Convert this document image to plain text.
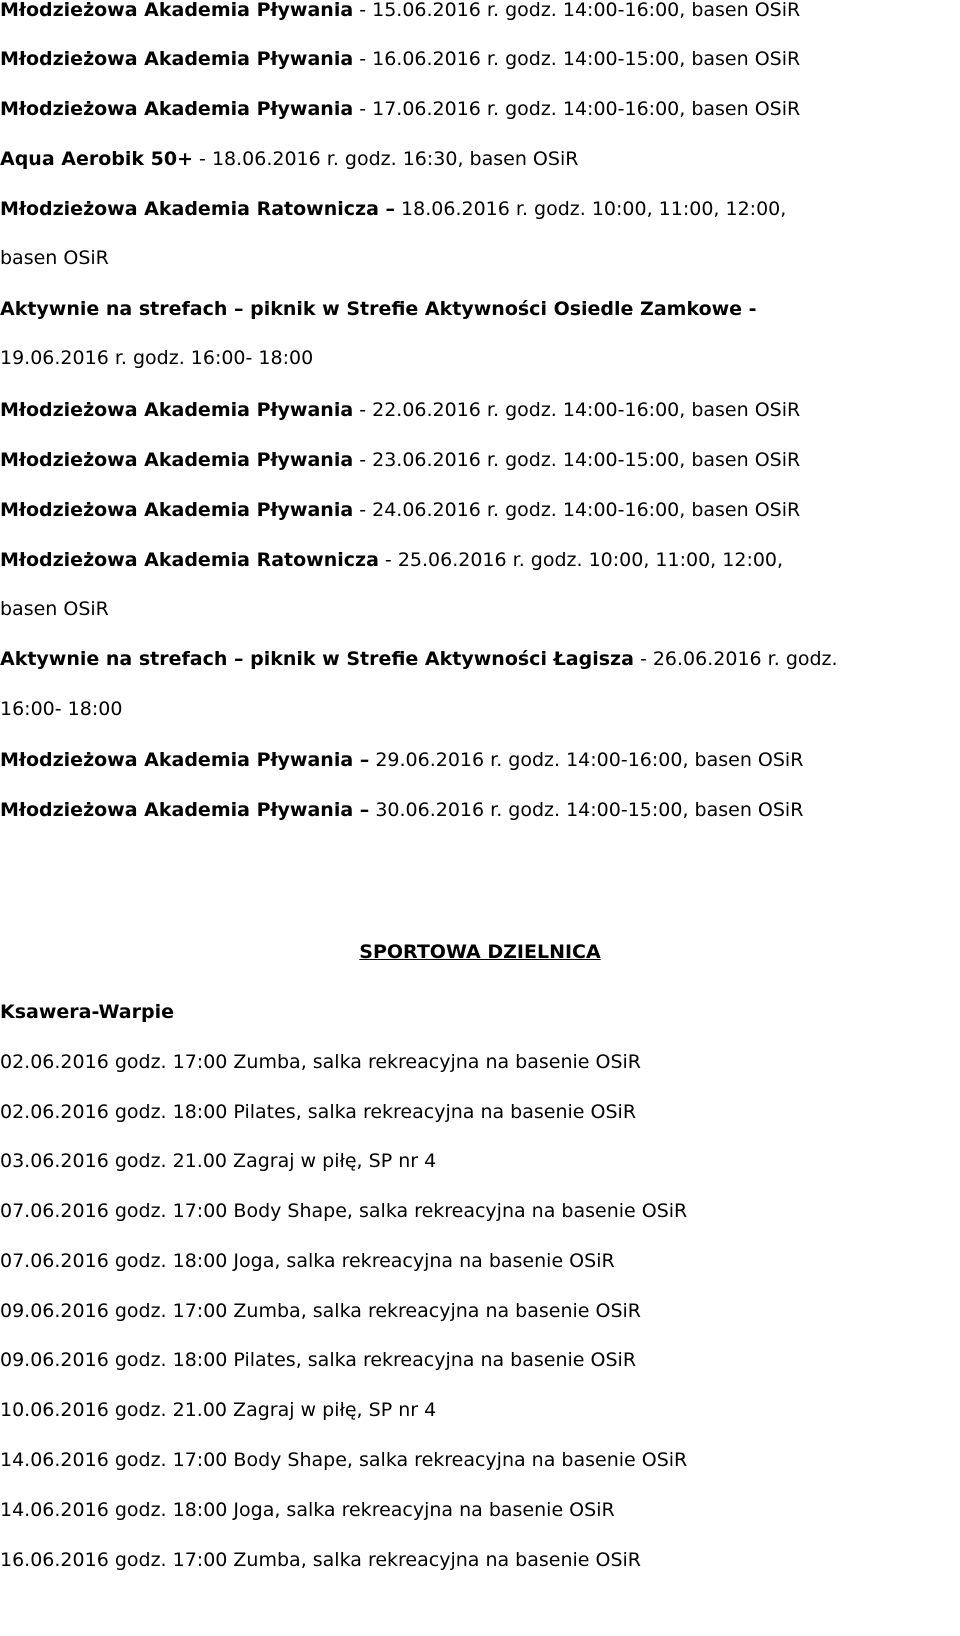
Młodzieżowa Akademia Pływania - 15.06.2016 r. godz. 14:00-16:00, basen OSiR
Młodzieżowa Akademia Pływania - 16.06.2016 r. godz. 14:00-15:00, basen OSiR
Młodzieżowa Akademia Pływania - 17.06.2016 r. godz. 14:00-16:00, basen OSiR
Aqua Aerobik 50+ - 18.06.2016 r. godz. 16:30, basen OSiR
Młodzieżowa Akademia Ratownicza – 18.06.2016 r. godz. 10:00, 11:00, 12:00,
basen OSiR
Aktywnie na strefach – piknik w Strefie Aktywności Osiedle Zamkowe -
19.06.2016 r. godz. 16:00- 18:00
Młodzieżowa Akademia Pływania - 22.06.2016 r. godz. 14:00-16:00, basen OSiR
Młodzieżowa Akademia Pływania - 23.06.2016 r. godz. 14:00-15:00, basen OSiR
Młodzieżowa Akademia Pływania - 24.06.2016 r. godz. 14:00-16:00, basen OSiR
Młodzieżowa Akademia Ratownicza - 25.06.2016 r. godz. 10:00, 11:00, 12:00,
basen OSiR
Aktywnie na strefach – piknik w Strefie Aktywności Łagisza - 26.06.2016 r. godz.
16:00- 18:00
Młodzieżowa Akademia Pływania – 29.06.2016 r. godz. 14:00-16:00, basen OSiR
Młodzieżowa Akademia Pływania – 30.06.2016 r. godz. 14:00-15:00, basen OSiR
SPORTOWA DZIELNICA
Ksawera-Warpie
02.06.2016 godz. 17:00 Zumba, salka rekreacyjna na basenie OSiR
02.06.2016 godz. 18:00 Pilates, salka rekreacyjna na basenie OSiR
03.06.2016 godz. 21.00 Zagraj w piłę, SP nr 4
07.06.2016 godz. 17:00 Body Shape, salka rekreacyjna na basenie OSiR
07.06.2016 godz. 18:00 Joga, salka rekreacyjna na basenie OSiR
09.06.2016 godz. 17:00 Zumba, salka rekreacyjna na basenie OSiR
09.06.2016 godz. 18:00 Pilates, salka rekreacyjna na basenie OSiR
10.06.2016 godz. 21.00 Zagraj w piłę, SP nr 4
14.06.2016 godz. 17:00 Body Shape, salka rekreacyjna na basenie OSiR
14.06.2016 godz. 18:00 Joga, salka rekreacyjna na basenie OSiR
16.06.2016 godz. 17:00 Zumba, salka rekreacyjna na basenie OSiR
